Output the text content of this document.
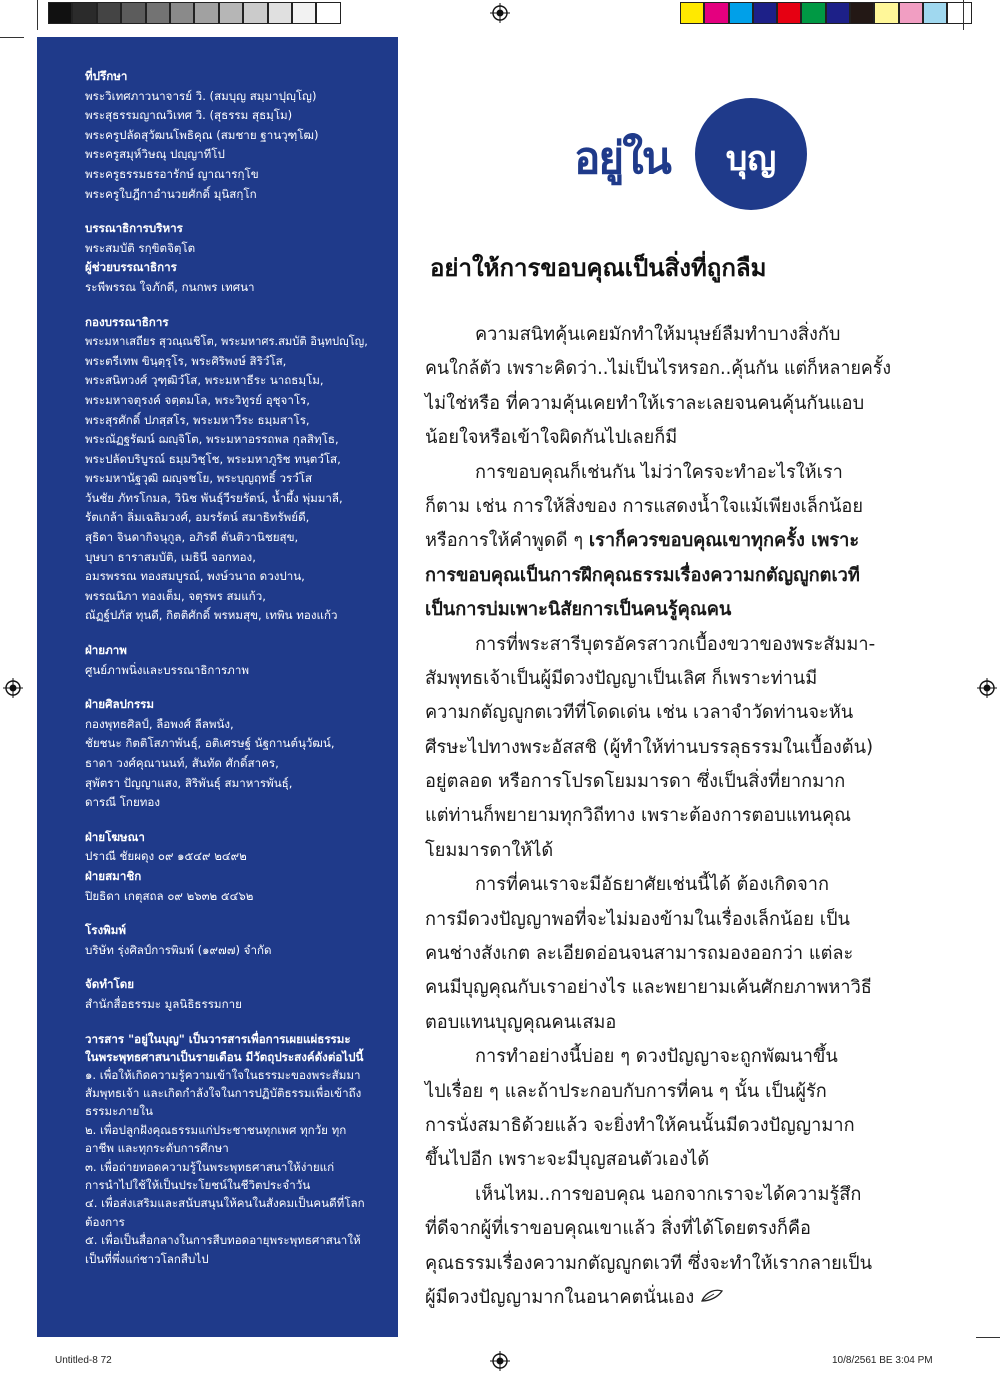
ที่ปรึกษา
พระวิเทศภาวนาจารย์ วิ. (สมบุญ สมฺมาปุญฺโญ)
พระสุธรรมญาณวิเทศ วิ. (สุธรรม สุธมฺโม)
พระครูปลัดสุวัฒนโพธิคุณ (สมชาย ฐานวุฑฺโฒ)
พระครูสมุห์วิษณุ ปญฺญาทีโป
พระครูธรรมธรอารักษ์ ญาณารกฺโข
พระครูใบฎีกาอำนวยศักดิ์ มุนิสกฺโก
บรรณาธิการบริหาร
พระสมบัติ รกฺขิตจิตฺโต
ผู้ช่วยบรรณาธิการ
ระพีพรรณ ใจภักดี, กนกพร เทศนา
กองบรรณาธิการ
พระมหาเสถียร สุวณฺณชิโต, พระมหาศร.สมบัติ อินฺทปญฺโญ,
พระตรีเทพ ขินฺตฺรุโร, พระศิริพงษ์ สิริวํโส,
พระสนิทวงศ์ วุฑฺฒิวํโส, พระมหาธีระ นาถธมฺโม,
พระมหาจตุรงค์ จตฺตมโล, พระวิทูรย์ อุชุจาโร,
พระสุรศักดิ์ ปภสฺสโร, พระมหาวีระ ธมฺมสาโร,
พระณัฏฐรัฒน์ ฌญฺจิโต, พระมหาอรรถพล กุลสิทฺโธ,
พระปลัดบริบูรณ์ ธมฺมวิชฺโช, พระมหาภูริช ทนฺตวํโส,
พระมหานัฐวุฒิ ฌญฺจชโย, พระบุญฤทธิ์ วรวํโส
วันชัย ภัทรโกมล, วินิช พันธุ์วีรยรัตน์, น้ำผึ้ง พุ่มมาลี,
รัตเกล้า ลิ่มเฉลิมวงศ์, อมรรัตน์ สมาธิทรัพย์ดี,
สุธิดา จินดากิจนุกูล, อภิรดี ตันติวานิชยสุข,
บุษบา ธาราสมบัติ, เมธินี จอกทอง,
อมรพรรณ ทองสมบูรณ์, พงษ์วนาถ ดวงปาน,
พรรณนิภา ทองเต็ม, จตุรพร สมแก้ว,
ณัฏฐ์ปภัส ทุนดี, กิตติศักดิ์ พรหมสุข, เทพิน ทองแก้ว
ฝ่ายภาพ
ศูนย์ภาพนิ่งและบรรณาธิการภาพ
ฝ่ายศิลปกรรม
กองพุทธศิลป์, ลือพงศ์ ลีลพนัง,
ชัยชนะ กิตติโสภาพันธุ์, อติเศรษฐ์ นัฐกานต์นุวัฒน์,
ธาดา วงศ์คุณานนท์, สันทัด ศักดิ์สาคร,
สุพัตรา ปัญญาแสง, สิริพันธุ์ สมาหารพันธุ์,
ดารณี โกยทอง
ฝ่ายโฆษณา
ปราณี ชัยผดุง ๐๙ ๑๕๔๙ ๒๔๙๒
ฝ่ายสมาชิก
ปิยธิดา เกตุสถล ๐๙ ๒๖๓๒ ๕๔๖๒
โรงพิมพ์
บริษัท รุ่งศิลป์การพิมพ์ (๑๙๗๗) จำกัด
จัดทำโดย
สำนักสื่อธรรมะ มูลนิธิธรรมกาย
วารสาร "อยู่ในบุญ" เป็นวารสารเพื่อการเผยแผ่ธรรมะ
ในพระพุทธศาสนาเป็นรายเดือน มีวัตถุประสงค์ดังต่อไปนี้
๑. เพื่อให้เกิดความรู้ความเข้าใจในธรรมะของพระสัมมาสัมพุทธเจ้า และเกิดกำลังใจในการปฏิบัติธรรมเพื่อเข้าถึงธรรมะภายใน
๒. เพื่อปลูกฝังคุณธรรมแก่ประชาชนทุกเพศ ทุกวัย ทุกอาชีพ และทุกระดับการศึกษา
๓. เพื่อถ่ายทอดความรู้ในพระพุทธศาสนาให้ง่ายแก่การนำไปใช้ให้เป็นประโยชน์ในชีวิตประจำวัน
๔. เพื่อส่งเสริมและสนับสนุนให้คนในสังคมเป็นคนดีที่โลกต้องการ
๕. เพื่อเป็นสื่อกลางในการสืบทอดอายุพระพุทธศาสนาให้เป็นที่พึ่งแก่ชาวโลกสืบไป
อยู่ใน	บุญ
อย่าให้การขอบคุณเป็นสิ่งที่ถูกลืม
ความสนิทคุ้นเคยมักทำให้มนุษย์ลืมทำบางสิ่งกับ
คนใกล้ตัว เพราะคิดว่า..ไม่เป็นไรหรอก..คุ้นกัน แต่ก็หลายครั้ง
ไม่ใช่หรือ ที่ความคุ้นเคยทำให้เราละเลยจนคนคุ้นกันแอบ
น้อยใจหรือเข้าใจผิดกันไปเลยก็มี
การขอบคุณก็เช่นกัน ไม่ว่าใครจะทำอะไรให้เรา
ก็ตาม เช่น การให้สิ่งของ การแสดงน้ำใจแม้เพียงเล็กน้อย
หรือการให้คำพูดดี ๆ เราก็ควรขอบคุณเขาทุกครั้ง เพราะ
การขอบคุณเป็นการฝึกคุณธรรมเรื่องความกตัญญูกตเวที
เป็นการบ่มเพาะนิสัยการเป็นคนรู้คุณคน
การที่พระสารีบุตรอัครสาวกเบื้องขวาของพระสัมมา-
สัมพุทธเจ้าเป็นผู้มีดวงปัญญาเป็นเลิศ ก็เพราะท่านมี
ความกตัญญูกตเวทีที่โดดเด่น เช่น เวลาจำวัดท่านจะหัน
ศีรษะไปทางพระอัสสชิ (ผู้ทำให้ท่านบรรลุธรรมในเบื้องต้น)
อยู่ตลอด หรือการโปรดโยมมารดา ซึ่งเป็นสิ่งที่ยากมาก
แต่ท่านก็พยายามทุกวิถีทาง เพราะต้องการตอบแทนคุณ
โยมมารดาให้ได้
การที่คนเราจะมีอัธยาศัยเช่นนี้ได้ ต้องเกิดจาก
การมีดวงปัญญาพอที่จะไม่มองข้ามในเรื่องเล็กน้อย เป็น
คนช่างสังเกต ละเอียดอ่อนจนสามารถมองออกว่า แต่ละ
คนมีบุญคุณกับเราอย่างไร และพยายามเค้นศักยภาพหาวิธี
ตอบแทนบุญคุณคนเสมอ
การทำอย่างนี้บ่อย ๆ ดวงปัญญาจะถูกพัฒนาขึ้น
ไปเรื่อย ๆ และถ้าประกอบกับการที่คน ๆ นั้น เป็นผู้รัก
การนั่งสมาธิด้วยแล้ว จะยิ่งทำให้คนนั้นมีดวงปัญญามาก
ขึ้นไปอีก เพราะจะมีบุญสอนตัวเองได้
เห็นไหม..การขอบคุณ นอกจากเราจะได้ความรู้สึก
ที่ดีจากผู้ที่เราขอบคุณเขาแล้ว สิ่งที่ได้โดยตรงก็คือ
คุณธรรมเรื่องความกตัญญูกตเวที ซึ่งจะทำให้เรากลายเป็น
ผู้มีดวงปัญญามากในอนาคตนั่นเอง
Untitled-8 72	10/8/2561 BE 3:04 PM
